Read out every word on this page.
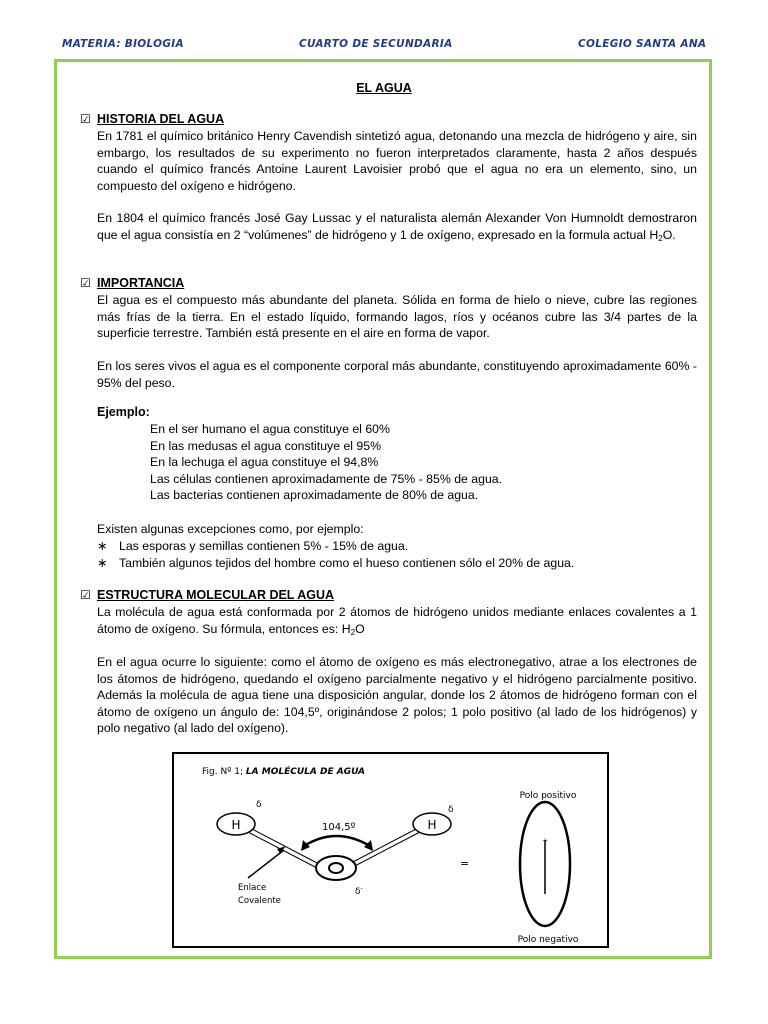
MATERIA: BIOLOGIA	CUARTO DE SECUNDARIA	COLEGIO SANTA ANA
EL AGUA
☑ HISTORIA DEL AGUA
En 1781 el químico británico Henry Cavendish sintetizó agua, detonando una mezcla de hidrógeno y aire, sin embargo, los resultados de su experimento no fueron interpretados claramente, hasta 2 años después cuando el químico francés Antoine Laurent Lavoisier probó que el agua no era un elemento, sino, un compuesto del oxígeno e hidrógeno.
En 1804 el químico francés José Gay Lussac y el naturalista alemán Alexander Von Humnoldt demostraron que el agua consistía en 2 “volúmenes” de hidrógeno y 1 de oxígeno, expresado en la formula actual $H_2O$.
☑ IMPORTANCIA
El agua es el compuesto más abundante del planeta. Sólida en forma de hielo o nieve, cubre las regiones más frías de la tierra. En el estado líquido, formando lagos, ríos y océanos cubre las 3/4 partes de la superficie terrestre. También está presente en el aire en forma de vapor.
En los seres vivos el agua es el componente corporal más abundante, constituyendo aproximadamente 60% - 95% del peso.
Ejemplo:
En el ser humano el agua constituye el 60%
En las medusas el agua constituye el 95%
En la lechuga el agua constituye el 94,8%
Las células contienen aproximadamente de 75% - 85% de agua.
Las bacterias contienen aproximadamente de 80% de agua.
Existen algunas excepciones como, por ejemplo:
∗ Las esporas y semillas contienen 5% - 15% de agua.
∗ También algunos tejidos del hombre como el hueso contienen sólo el 20% de agua.
☑ ESTRUCTURA MOLECULAR DEL AGUA
La molécula de agua está conformada por 2 átomos de hidrógeno unidos mediante enlaces covalentes a 1 átomo de oxígeno. Su fórmula, entonces es: $H_2O$
En el agua ocurre lo siguiente: como el átomo de oxígeno es más electronegativo, atrae a los electrones de los átomos de hidrógeno, quedando el oxígeno parcialmente negativo y el hidrógeno parcialmente positivo. Además la molécula de agua tiene una disposición angular, donde los 2 átomos de hidrógeno forman con el átomo de oxígeno un ángulo de: 104,5º, originándose 2 polos; 1 polo positivo (al lado de los hidrógenos) y polo negativo (al lado del oxígeno).
Fig. Nº 1; LA MOLÉCULA DE AGUA
H
δ
H
δ
δ-
104,5º
Enlace
Covalente
=
Polo positivo
+
Polo negativo
